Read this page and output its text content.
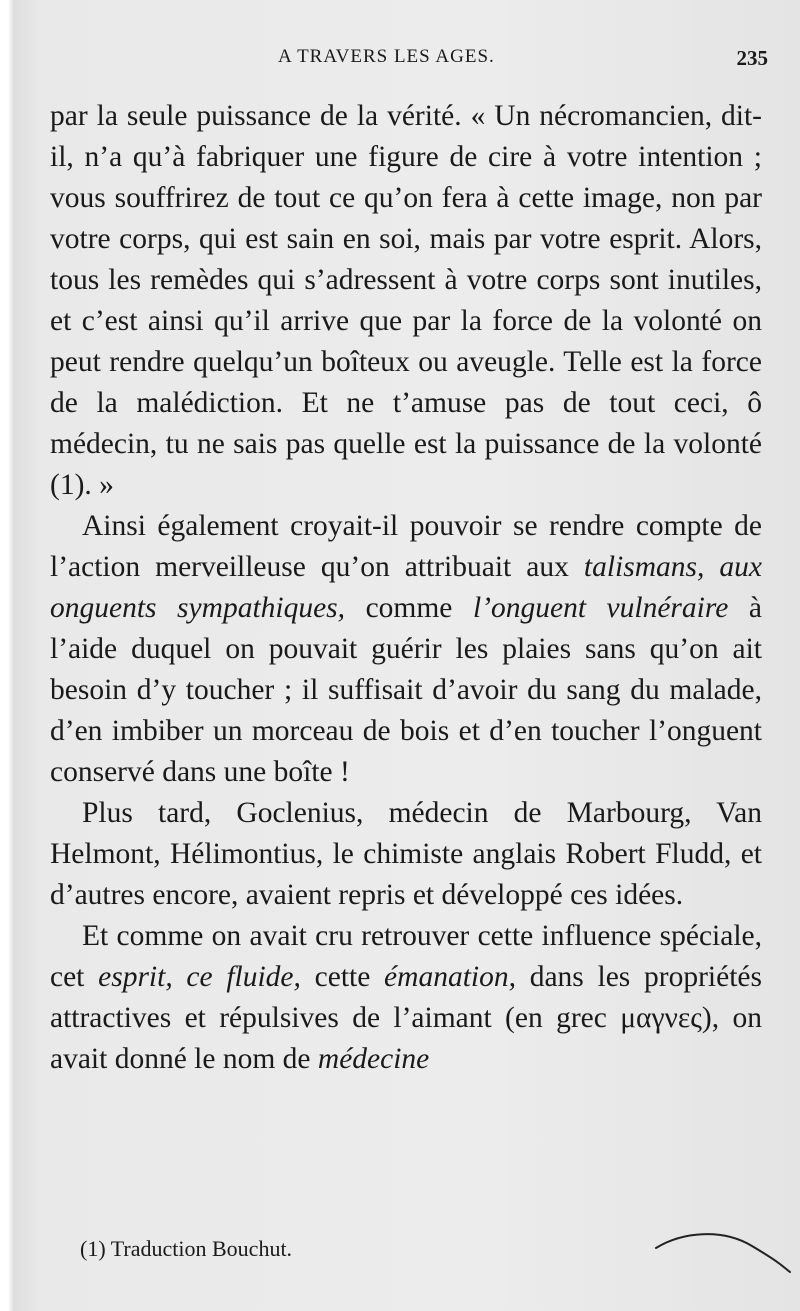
A TRAVERS LES AGES.	235

par la seule puissance de la vérité. « Un nécromancien, dit-il, n’a qu’à fabriquer une figure de cire à votre intention ; vous souffrirez de tout ce qu’on fera à cette image, non par votre corps, qui est sain en soi, mais par votre esprit. Alors, tous les remèdes qui s’adressent à votre corps sont inutiles, et c’est ainsi qu’il arrive que par la force de la volonté on peut rendre quelqu’un boîteux ou aveugle. Telle est la force de la malédiction. Et ne t’amuse pas de tout ceci, ô médecin, tu ne sais pas quelle est la puissance de la volonté (1). »

Ainsi également croyait-il pouvoir se rendre compte de l’action merveilleuse qu’on attribuait aux talismans, aux onguents sympathiques, comme l’onguent vulnéraire à l’aide duquel on pouvait guérir les plaies sans qu’on ait besoin d’y toucher ; il suffisait d’avoir du sang du malade, d’en imbiber un morceau de bois et d’en toucher l’onguent conservé dans une boîte !

Plus tard, Goclenius, médecin de Marbourg, Van Helmont, Hélimontius, le chimiste anglais Robert Fludd, et d’autres encore, avaient repris et développé ces idées.

Et comme on avait cru retrouver cette influence spéciale, cet esprit, ce fluide, cette émanation, dans les propriétés attractives et répulsives de l’aimant (en grec μαγνες), on avait donné le nom de médecine

(1) Traduction Bouchut.
